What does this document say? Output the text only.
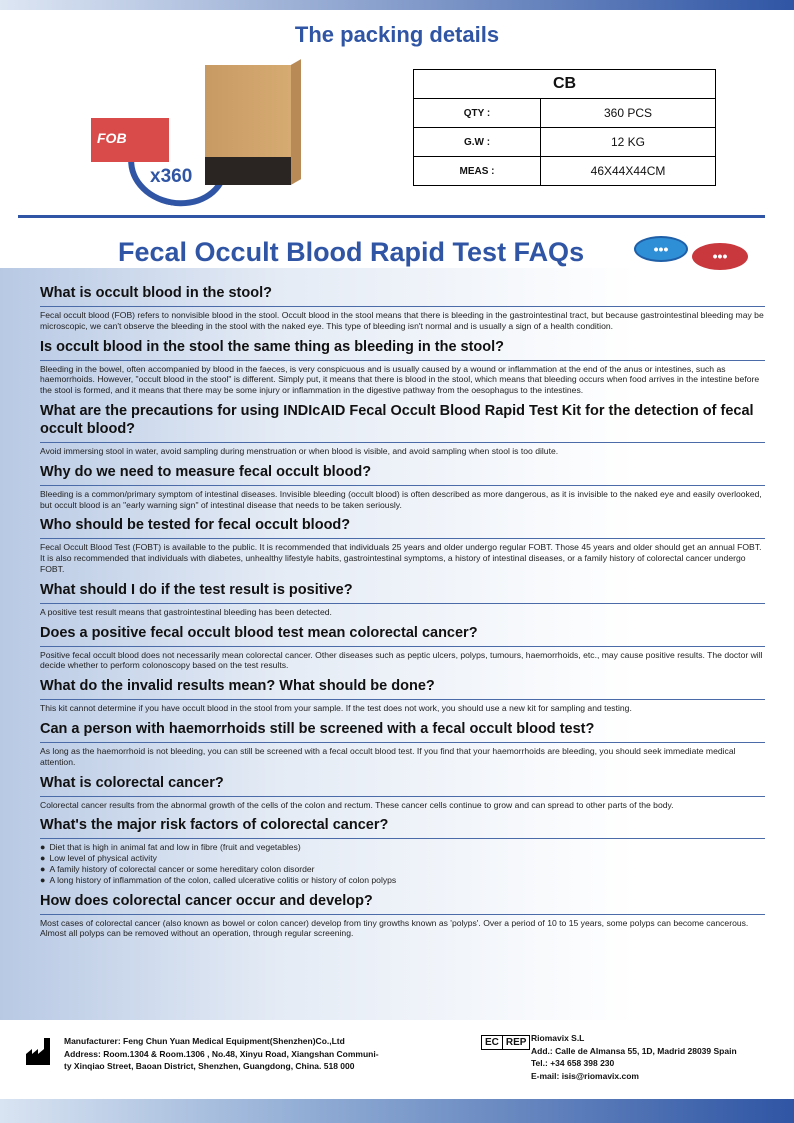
The packing details
FOB
x360
CB	
QTY :	360 PCS
G.W :	12 KG
MEAS :	46X44X44CM
Fecal Occult Blood Rapid Test FAQs	•••	•••
What is occult blood in the stool?
Fecal occult blood (FOB) refers to nonvisible blood in the stool. Occult blood in the stool means that there is bleeding in the gastrointestinal tract, but because gastrointestinal bleeding may be microscopic, we can't observe the bleeding in the stool with the naked eye. This type of bleeding isn't normal and is usually a sign of a health condition.
Is occult blood in the stool the same thing as bleeding in the stool?
Bleeding in the bowel, often accompanied by blood in the faeces, is very conspicuous and is usually caused by a wound or inflammation at the end of the anus or intestines, such as haemorrhoids. However, "occult blood in the stool" is different. Simply put, it means that there is blood in the stool, which means that bleeding occurs when food arrives in the intestine before the stool is formed, and it means that there may be some injury or inflammation in the digestive pathway from the oesophagus to the intestines.
What are the precautions for using INDIcAID Fecal Occult Blood Rapid Test Kit for the detection of fecal occult blood?
Avoid immersing stool in water, avoid sampling during menstruation or when blood is visible, and avoid sampling when stool is too dilute.
Why do we need to measure fecal occult blood?
Bleeding is a common/primary symptom of intestinal diseases. Invisible bleeding (occult blood) is often described as more dangerous, as it is invisible to the naked eye and easily overlooked, but occult blood is an "early warning sign" of intestinal disease that needs to be taken seriously.
Who should be tested for fecal occult blood?
Fecal Occult Blood Test (FOBT) is available to the public. It is recommended that individuals 25 years and older undergo regular FOBT. Those 45 years and older should get an annual FOBT. It is also recommended that individuals with diabetes, unhealthy lifestyle habits, gastrointestinal symptoms, a history of intestinal diseases, or a family history of colorectal cancer undergo FOBT.
What should I do if the test result is positive?
A positive test result means that gastrointestinal bleeding has been detected.
Does a positive fecal occult blood test mean colorectal cancer?
Positive fecal occult blood does not necessarily mean colorectal cancer. Other diseases such as peptic ulcers, polyps, tumours, haemorrhoids, etc., may cause positive results. The doctor will decide whether to perform colonoscopy based on the test results.
What do the invalid results mean? What should be done?
This kit cannot determine if you have occult blood in the stool from your sample. If the test does not work, you should use a new kit for sampling and testing.
Can a person with haemorrhoids still be screened with a fecal occult blood test?
As long as the haemorrhoid is not bleeding, you can still be screened with a fecal occult blood test. If you find that your haemorrhoids are bleeding, you should seek immediate medical attention.
What is colorectal cancer?
Colorectal cancer results from the abnormal growth of the cells of the colon and rectum. These cancer cells continue to grow and can spread to other parts of the body.
What's the major risk factors of colorectal cancer?
● Diet that is high in animal fat and low in fibre (fruit and vegetables)
● Low level of physical activity
● A family history of colorectal cancer or some hereditary colon disorder
● A long history of inflammation of the colon, called ulcerative colitis or history of colon polyps
How does colorectal cancer occur and develop?
Most cases of colorectal cancer (also known as bowel or colon cancer) develop from tiny growths known as 'polyps'. Over a period of 10 to 15 years, some polyps can become cancerous. Almost all polyps can be removed without an operation, through regular screening.
Manufacturer: Feng Chun Yuan Medical Equipment(Shenzhen)Co.,Ltd
Address: Room.1304 & Room.1306 , No.48, Xinyu Road, Xiangshan Communi-
ty Xinqiao Street, Baoan District, Shenzhen, Guangdong, China. 518 000
EC REP Riomavix S.L
Add.: Calle de Almansa 55, 1D, Madrid 28039 Spain
Tel.: +34 658 398 230
E-mail: isis@riomavix.com
